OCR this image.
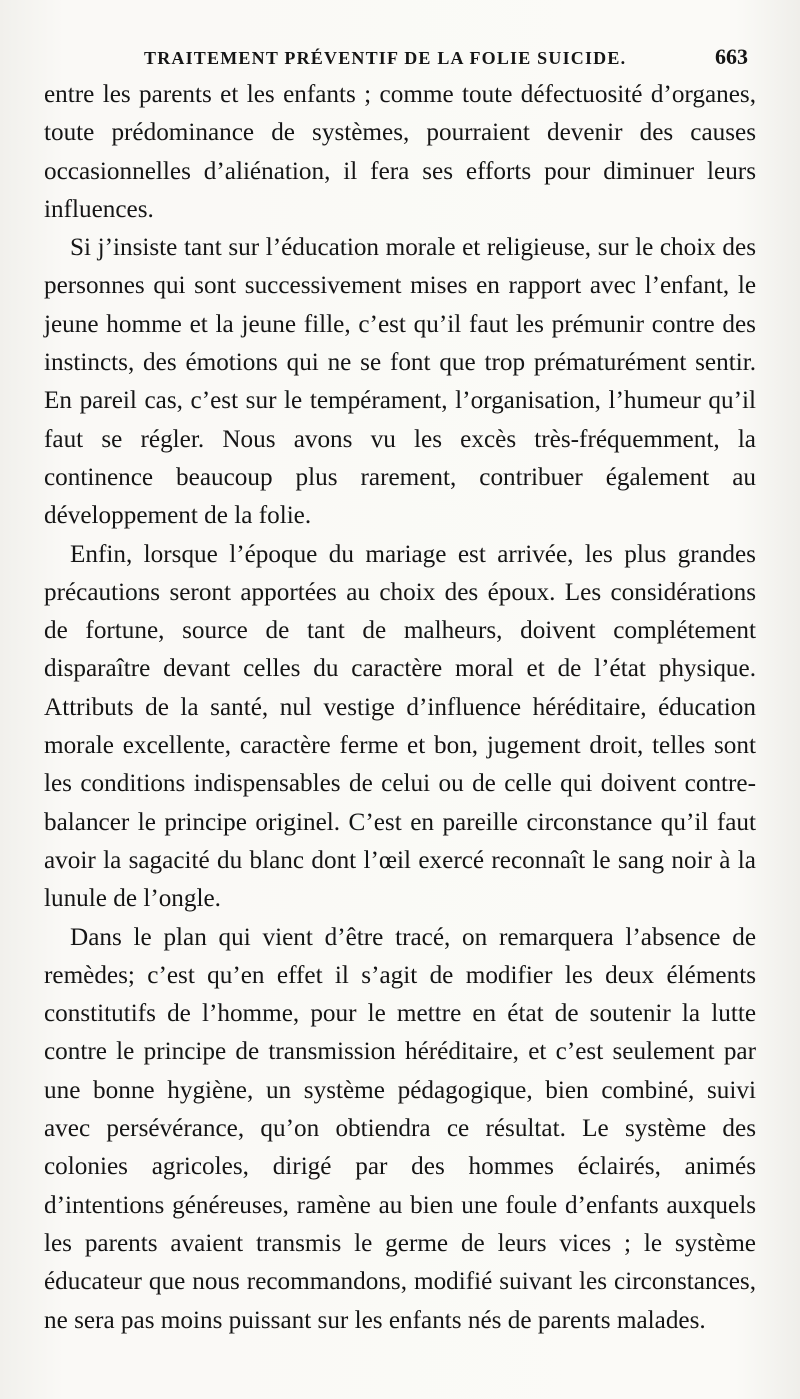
TRAITEMENT PRÉVENTIF DE LA FOLIE SUICIDE.	663

entre les parents et les enfants ; comme toute défectuosité d’organes, toute prédominance de systèmes, pourraient devenir des causes occasionnelles d’aliénation, il fera ses efforts pour diminuer leurs influences.

Si j’insiste tant sur l’éducation morale et religieuse, sur le choix des personnes qui sont successivement mises en rapport avec l’enfant, le jeune homme et la jeune fille, c’est qu’il faut les prémunir contre des instincts, des émotions qui ne se font que trop prématurément sentir. En pareil cas, c’est sur le tempérament, l’organisation, l’humeur qu’il faut se régler. Nous avons vu les excès très-fréquemment, la continence beaucoup plus rarement, contribuer également au développement de la folie.

Enfin, lorsque l’époque du mariage est arrivée, les plus grandes précautions seront apportées au choix des époux. Les considérations de fortune, source de tant de malheurs, doivent complétement disparaître devant celles du caractère moral et de l’état physique. Attributs de la santé, nul vestige d’influence héréditaire, éducation morale excellente, caractère ferme et bon, jugement droit, telles sont les conditions indispensables de celui ou de celle qui doivent contre-balancer le principe originel. C’est en pareille circonstance qu’il faut avoir la sagacité du blanc dont l’œil exercé reconnaît le sang noir à la lunule de l’ongle.

Dans le plan qui vient d’être tracé, on remarquera l’absence de remèdes; c’est qu’en effet il s’agit de modifier les deux éléments constitutifs de l’homme, pour le mettre en état de soutenir la lutte contre le principe de transmission héréditaire, et c’est seulement par une bonne hygiène, un système pédagogique, bien combiné, suivi avec persévérance, qu’on obtiendra ce résultat. Le système des colonies agricoles, dirigé par des hommes éclairés, animés d’intentions généreuses, ramène au bien une foule d’enfants auxquels les parents avaient transmis le germe de leurs vices ; le système éducateur que nous recommandons, modifié suivant les circonstances, ne sera pas moins puissant sur les enfants nés de parents malades.
